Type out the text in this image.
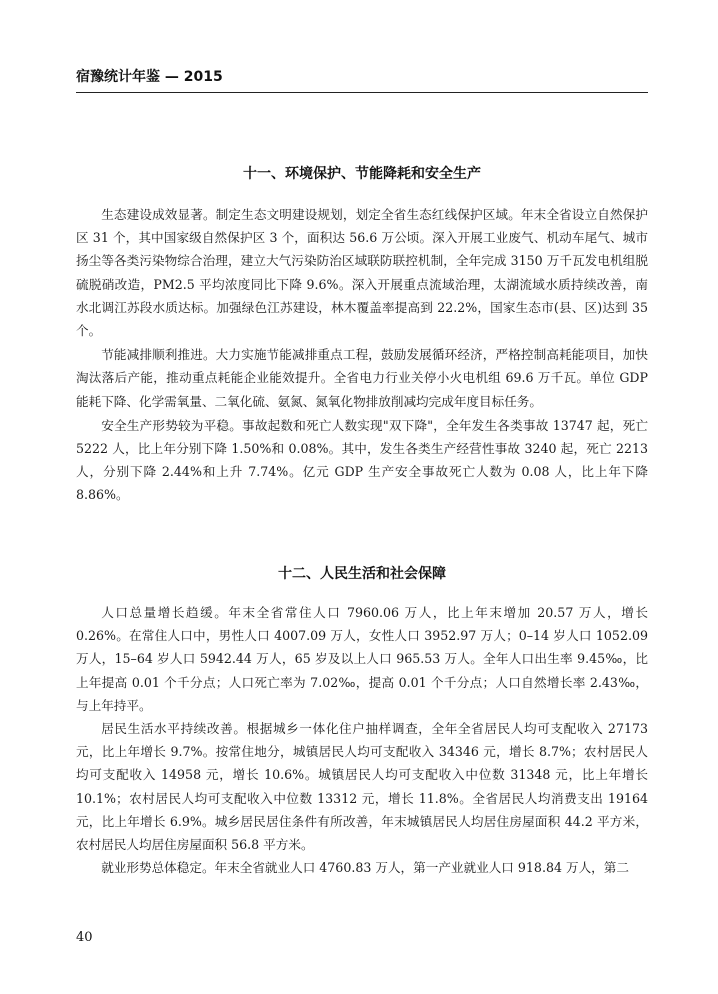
宿豫统计年鉴 — 2015
十一、环境保护、节能降耗和安全生产

生态建设成效显著。制定生态文明建设规划，划定全省生态红线保护区域。年末全省设立自然保护区 31 个，其中国家级自然保护区 3 个，面积达 56.6 万公顷。深入开展工业废气、机动车尾气、城市扬尘等各类污染物综合治理，建立大气污染防治区域联防联控机制，全年完成 3150 万千瓦发电机组脱硫脱硝改造，PM2.5 平均浓度同比下降 9.6%。深入开展重点流域治理，太湖流域水质持续改善，南水北调江苏段水质达标。加强绿色江苏建设，林木覆盖率提高到 22.2%，国家生态市(县、区)达到 35 个。

节能减排顺利推进。大力实施节能减排重点工程，鼓励发展循环经济，严格控制高耗能项目，加快淘汰落后产能，推动重点耗能企业能效提升。全省电力行业关停小火电机组 69.6 万千瓦。单位 GDP 能耗下降、化学需氧量、二氧化硫、氨氮、氮氧化物排放削减均完成年度目标任务。

安全生产形势较为平稳。事故起数和死亡人数实现"双下降"，全年发生各类事故 13747 起，死亡 5222 人，比上年分别下降 1.50%和 0.08%。其中，发生各类生产经营性事故 3240 起，死亡 2213 人，分别下降 2.44%和上升 7.74%。亿元 GDP 生产安全事故死亡人数为 0.08 人，比上年下降 8.86%。

十二、人民生活和社会保障

人口总量增长趋缓。年末全省常住人口 7960.06 万人，比上年末增加 20.57 万人，增长 0.26%。在常住人口中，男性人口 4007.09 万人，女性人口 3952.97 万人；0–14 岁人口 1052.09 万人，15–64 岁人口 5942.44 万人，65 岁及以上人口 965.53 万人。全年人口出生率 9.45‰，比上年提高 0.01 个千分点；人口死亡率为 7.02‰，提高 0.01 个千分点；人口自然增长率 2.43‰，与上年持平。

居民生活水平持续改善。根据城乡一体化住户抽样调查，全年全省居民人均可支配收入 27173 元，比上年增长 9.7%。按常住地分，城镇居民人均可支配收入 34346 元，增长 8.7%；农村居民人均可支配收入 14958 元，增长 10.6%。城镇居民人均可支配收入中位数 31348 元，比上年增长 10.1%；农村居民人均可支配收入中位数 13312 元，增长 11.8%。全省居民人均消费支出 19164 元，比上年增长 6.9%。城乡居民居住条件有所改善，年末城镇居民人均居住房屋面积 44.2 平方米，农村居民人均居住房屋面积 56.8 平方米。

就业形势总体稳定。年末全省就业人口 4760.83 万人，第一产业就业人口 918.84 万人，第二

40
